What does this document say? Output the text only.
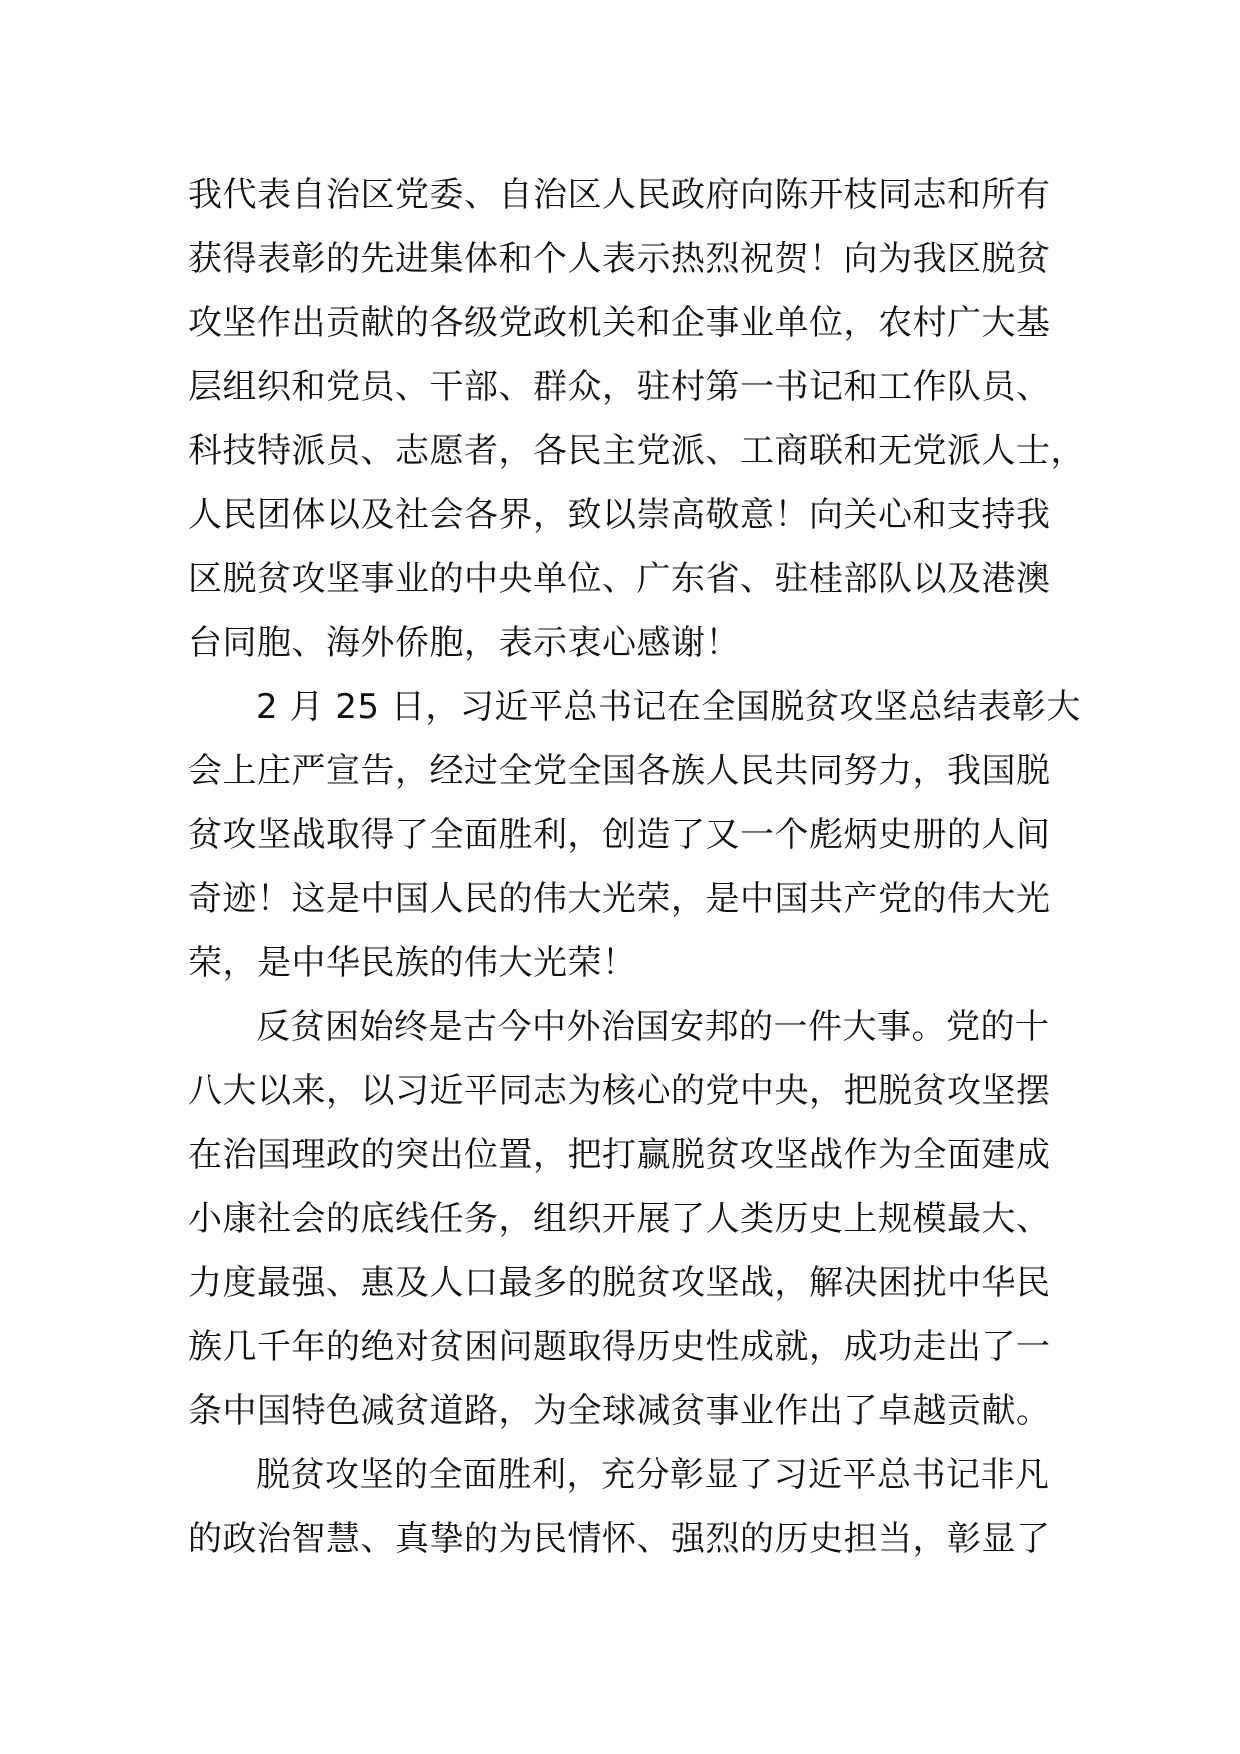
我代表自治区党委、自治区人民政府向陈开枝同志和所有
获得表彰的先进集体和个人表示热烈祝贺！向为我区脱贫
攻坚作出贡献的各级党政机关和企事业单位，农村广大基
层组织和党员、干部、群众，驻村第一书记和工作队员、
科技特派员、志愿者，各民主党派、工商联和无党派人士，
人民团体以及社会各界，致以崇高敬意！向关心和支持我
区脱贫攻坚事业的中央单位、广东省、驻桂部队以及港澳
台同胞、海外侨胞，表示衷心感谢！
2 月 25 日，习近平总书记在全国脱贫攻坚总结表彰大
会上庄严宣告，经过全党全国各族人民共同努力，我国脱
贫攻坚战取得了全面胜利，创造了又一个彪炳史册的人间
奇迹！这是中国人民的伟大光荣，是中国共产党的伟大光
荣，是中华民族的伟大光荣！
反贫困始终是古今中外治国安邦的一件大事。党的十
八大以来，以习近平同志为核心的党中央，把脱贫攻坚摆
在治国理政的突出位置，把打赢脱贫攻坚战作为全面建成
小康社会的底线任务，组织开展了人类历史上规模最大、
力度最强、惠及人口最多的脱贫攻坚战，解决困扰中华民
族几千年的绝对贫困问题取得历史性成就，成功走出了一
条中国特色减贫道路，为全球减贫事业作出了卓越贡献。
脱贫攻坚的全面胜利，充分彰显了习近平总书记非凡
的政治智慧、真挚的为民情怀、强烈的历史担当，彰显了
